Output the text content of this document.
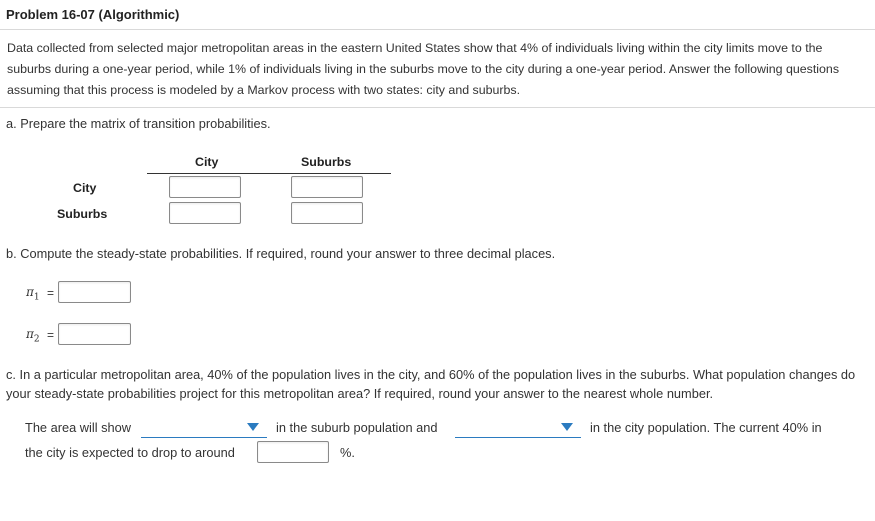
Problem 16-07 (Algorithmic)
Data collected from selected major metropolitan areas in the eastern United States show that 4% of individuals living within the city limits move to the suburbs during a one-year period, while 1% of individuals living in the suburbs move to the city during a one-year period. Answer the following questions assuming that this process is modeled by a Markov process with two states: city and suburbs.
a. Prepare the matrix of transition probabilities.
City	Suburbs
City
Suburbs
b. Compute the steady-state probabilities. If required, round your answer to three decimal places.
$\pi_1$ =
$\pi_2$ =
c. In a particular metropolitan area, 40% of the population lives in the city, and 60% of the population lives in the suburbs. What population changes do your steady-state probabilities project for this metropolitan area? If required, round your answer to the nearest whole number.
The area will show	in the suburb population and	in the city population. The current 40% in
the city is expected to drop to around	%.
